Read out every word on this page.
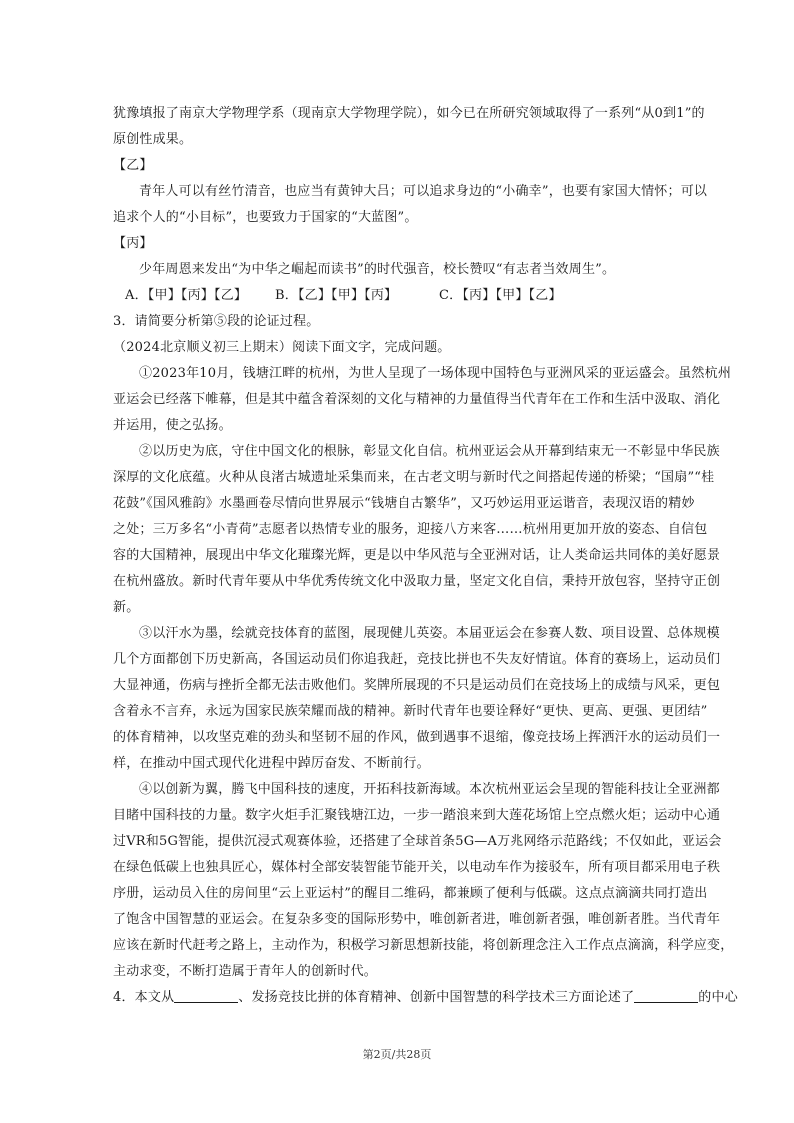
犹豫填报了南京大学物理学系（现南京大学物理学院），如今已在所研究领域取得了一系列“从0到1”的
原创性成果。
【乙】
青年人可以有丝竹清音，也应当有黄钟大吕；可以追求身边的“小确幸”，也要有家国大情怀；可以
追求个人的“小目标”，也要致力于国家的“大蓝图”。
【丙】
少年周恩来发出“为中华之崛起而读书”的时代强音，校长赞叹“有志者当效周生”。
A．【甲】【丙】【乙】 B．【乙】【甲】【丙】	C．【丙】【甲】【乙】
3．请简要分析第⑤段的论证过程。
（2024北京顺义初三上期末）阅读下面文字，完成问题。
①2023年10月，钱塘江畔的杭州，为世人呈现了一场体现中国特色与亚洲风采的亚运盛会。虽然杭州
亚运会已经落下帷幕，但是其中蕴含着深刻的文化与精神的力量值得当代青年在工作和生活中汲取、消化
并运用，使之弘扬。
②以历史为底，守住中国文化的根脉，彰显文化自信。杭州亚运会从开幕到结束无一不彰显中华民族
深厚的文化底蕴。火种从良渚古城遗址采集而来，在古老文明与新时代之间搭起传递的桥梁；“国扇”“桂
花鼓”《国风雅韵》水墨画卷尽情向世界展示“钱塘自古繁华”，又巧妙运用亚运谐音，表现汉语的精妙
之处；三万多名“小青荷”志愿者以热情专业的服务，迎接八方来客……杭州用更加开放的姿态、自信包
容的大国精神，展现出中华文化璀璨光辉，更是以中华风范与全亚洲对话，让人类命运共同体的美好愿景
在杭州盛放。新时代青年要从中华优秀传统文化中汲取力量，坚定文化自信，秉持开放包容，坚持守正创
新。
③以汗水为墨，绘就竞技体育的蓝图，展现健儿英姿。本届亚运会在参赛人数、项目设置、总体规模
几个方面都创下历史新高，各国运动员们你追我赶，竞技比拼也不失友好情谊。体育的赛场上，运动员们
大显神通，伤病与挫折全都无法击败他们。奖牌所展现的不只是运动员们在竞技场上的成绩与风采，更包
含着永不言弃，永远为国家民族荣耀而战的精神。新时代青年也要诠释好“更快、更高、更强、更团结”
的体育精神，以攻坚克难的劲头和坚韧不屈的作风，做到遇事不退缩，像竞技场上挥洒汗水的运动员们一
样，在推动中国式现代化进程中踔厉奋发、不断前行。
④以创新为翼，腾飞中国科技的速度，开拓科技新海域。本次杭州亚运会呈现的智能科技让全亚洲都
目睹中国科技的力量。数字火炬手汇聚钱塘江边，一步一踏浪来到大莲花场馆上空点燃火炬；运动中心通
过VR和5G智能，提供沉浸式观赛体验，还搭建了全球首条5G—A万兆网络示范路线；不仅如此，亚运会
在绿色低碳上也独具匠心，媒体村全部安装智能节能开关，以电动车作为接驳车，所有项目都采用电子秩
序册，运动员入住的房间里“云上亚运村”的醒目二维码，都兼顾了便利与低碳。这点点滴滴共同打造出
了饱含中国智慧的亚运会。在复杂多变的国际形势中，唯创新者进，唯创新者强，唯创新者胜。当代青年
应该在新时代赶考之路上，主动作为，积极学习新思想新技能，将创新理念注入工作点点滴滴，科学应变，
主动求变，不断打造属于青年人的创新时代。
4．本文从	、发扬竞技比拼的体育精神、创新中国智慧的科学技术三方面论述了	的中心
第2页/共28页
